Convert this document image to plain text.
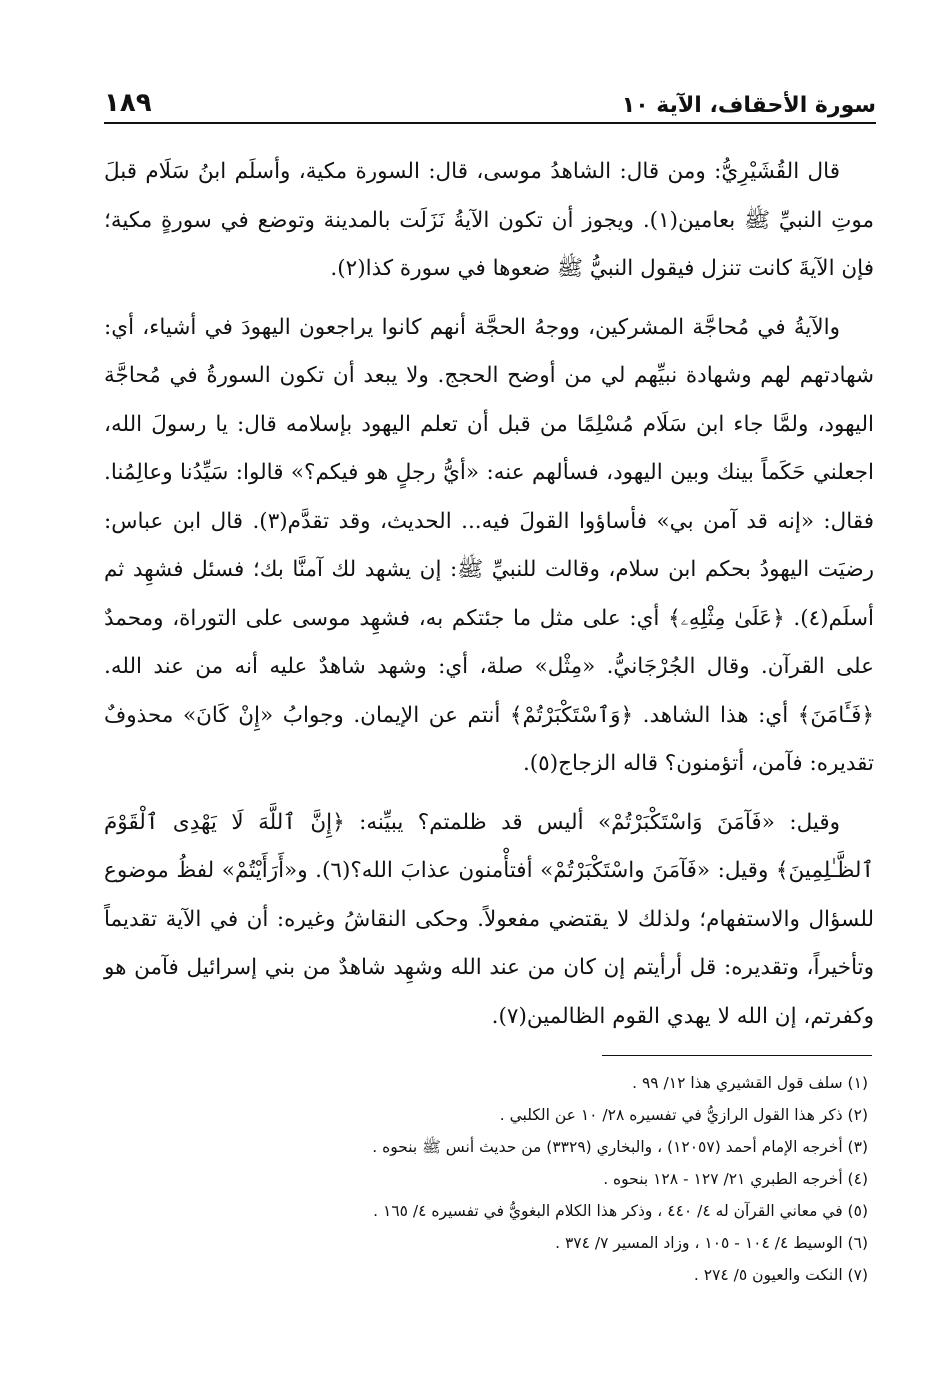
سورة الأحقاف، الآية ١٠
١٨٩

قال القُشَيْرِيُّ: ومن قال: الشاهدُ موسى، قال: السورة مكية، وأسلَم ابنُ سَلَام قبلَ موتِ النبيِّ ﷺ بعامين(١). ويجوز أن تكون الآيةُ نَزَلَت بالمدينة وتوضع في سورةٍ مكية؛ فإن الآيةَ كانت تنزل فيقول النبيُّ ﷺ ضعوها في سورة كذا(٢).

والآيةُ في مُحاجَّة المشركين، ووجهُ الحجَّة أنهم كانوا يراجعون اليهودَ في أشياء، أي: شهادتهم لهم وشهادة نبيِّهم لي من أوضح الحجج. ولا يبعد أن تكون السورةُ في مُحاجَّة اليهود، ولمَّا جاء ابن سَلَام مُسْلِمًا من قبل أن تعلم اليهود بإسلامه قال: يا رسولَ الله، اجعلني حَكَماً بينك وبين اليهود، فسألهم عنه: «أيُّ رجلٍ هو فيكم؟» قالوا: سَيِّدُنا وعالِمُنا. فقال: «إنه قد آمن بي» فأساؤوا القولَ فيه... الحديث، وقد تقدَّم(٣). قال ابن عباس: رضيَت اليهودُ بحكم ابن سلام، وقالت للنبيِّ ﷺ: إن يشهد لك آمنَّا بك؛ فسئل فشهِد ثم أسلَم(٤). ﴿عَلَىٰ مِثْلِهِۦ﴾ أي: على مثل ما جئتكم به، فشهِد موسى على التوراة، ومحمدٌ على القرآن. وقال الجُرْجَانيُّ. «مِثْل» صلة، أي: وشهد شاهدٌ عليه أنه من عند الله. ﴿فَـَٔامَنَ﴾ أي: هذا الشاهد. ﴿وَٱسْتَكْبَرْتُمْ﴾ أنتم عن الإيمان. وجوابُ «إِنْ كَانَ» محذوفٌ تقديره: فآمن، أتؤمنون؟ قاله الزجاج(٥).

وقيل: «فَآمَنَ وَاسْتَكْبَرْتُمْ» أليس قد ظلمتم؟ يبيِّنه: ﴿إِنَّ ٱللَّهَ لَا يَهْدِى ٱلْقَوْمَ ٱلظَّـٰلِمِينَ﴾ وقيل: «فَآمَنَ واسْتَكْبَرْتُمْ» أفتأْمنون عذابَ الله؟(٦). و«أَرَأَيْتُمْ» لفظُ موضوع للسؤال والاستفهام؛ ولذلك لا يقتضي مفعولاً. وحكى النقاشُ وغيره: أن في الآية تقديماً وتأخيراً، وتقديره: قل أرأيتم إن كان من عند الله وشهِد شاهدٌ من بني إسرائيل فآمن هو وكفرتم، إن الله لا يهدي القوم الظالمين(٧).

(١) سلف قول القشيري هذا ١٢/ ٩٩ .
(٢) ذكر هذا القول الرازيُّ في تفسيره ٢٨/ ١٠ عن الكلبي .
(٣) أخرجه الإمام أحمد (١٢٠٥٧) ، والبخاري (٣٣٢٩) من حديث أنس ﷺ بنحوه .
(٤) أخرجه الطبري ٢١/ ١٢٧ - ١٢٨ بنحوه .
(٥) في معاني القرآن له ٤/ ٤٤٠ ، وذكر هذا الكلام البغويُّ في تفسيره ٤/ ١٦٥ .
(٦) الوسيط ٤/ ١٠٤ - ١٠٥ ، وزاد المسير ٧/ ٣٧٤ .
(٧) النكت والعيون ٥/ ٢٧٤ .
